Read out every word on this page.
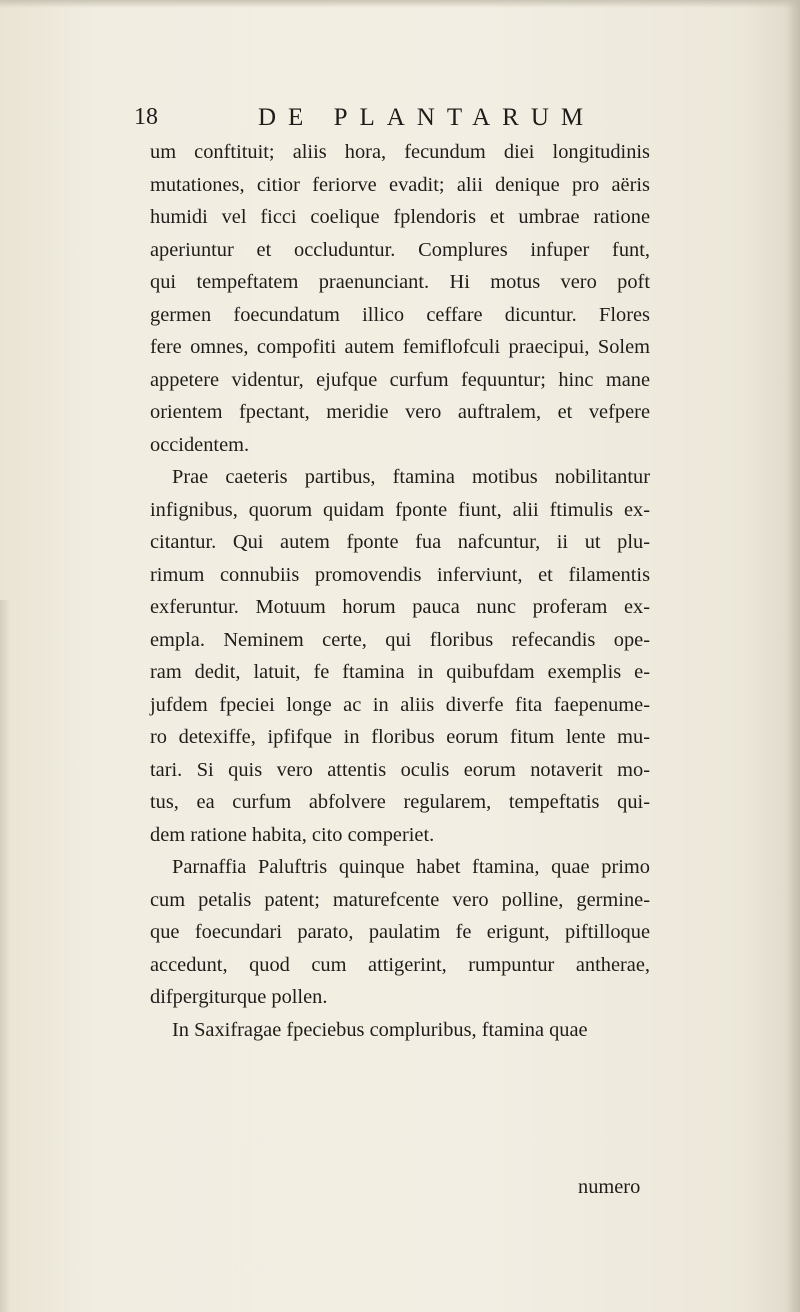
18	DE PLANTARUM
um conftituit; aliis hora, fecundum diei longitudinis
mutationes, citior feriorve evadit; alii denique pro aëris
humidi vel ficci coelique fplendoris et umbrae ratione
aperiuntur et occluduntur. Complures infuper funt,
qui tempeftatem praenunciant. Hi motus vero poft
germen foecundatum illico ceffare dicuntur. Flores
fere omnes, compofiti autem femiflofculi praecipui, Solem
appetere videntur, ejufque curfum fequuntur; hinc mane
orientem fpectant, meridie vero auftralem, et vefpere
occidentem.
Prae caeteris partibus, ftamina motibus nobilitantur
infignibus, quorum quidam fponte fiunt, alii ftimulis ex-
citantur. Qui autem fponte fua nafcuntur, ii ut plu-
rimum connubiis promovendis inferviunt, et filamentis
exferuntur. Motuum horum pauca nunc proferam ex-
empla. Neminem certe, qui floribus refecandis ope-
ram dedit, latuit, fe ftamina in quibufdam exemplis e-
jufdem fpeciei longe ac in aliis diverfe fita faepenume-
ro detexiffe, ipfifque in floribus eorum fitum lente mu-
tari. Si quis vero attentis oculis eorum notaverit mo-
tus, ea curfum abfolvere regularem, tempeftatis qui-
dem ratione habita, cito comperiet.
Parnaffia Paluftris quinque habet ftamina, quae primo
cum petalis patent; maturefcente vero polline, germine-
que foecundari parato, paulatim fe erigunt, piftilloque
accedunt, quod cum attigerint, rumpuntur antherae,
difpergiturque pollen.
In Saxifragae fpeciebus compluribus, ftamina quae
numero
